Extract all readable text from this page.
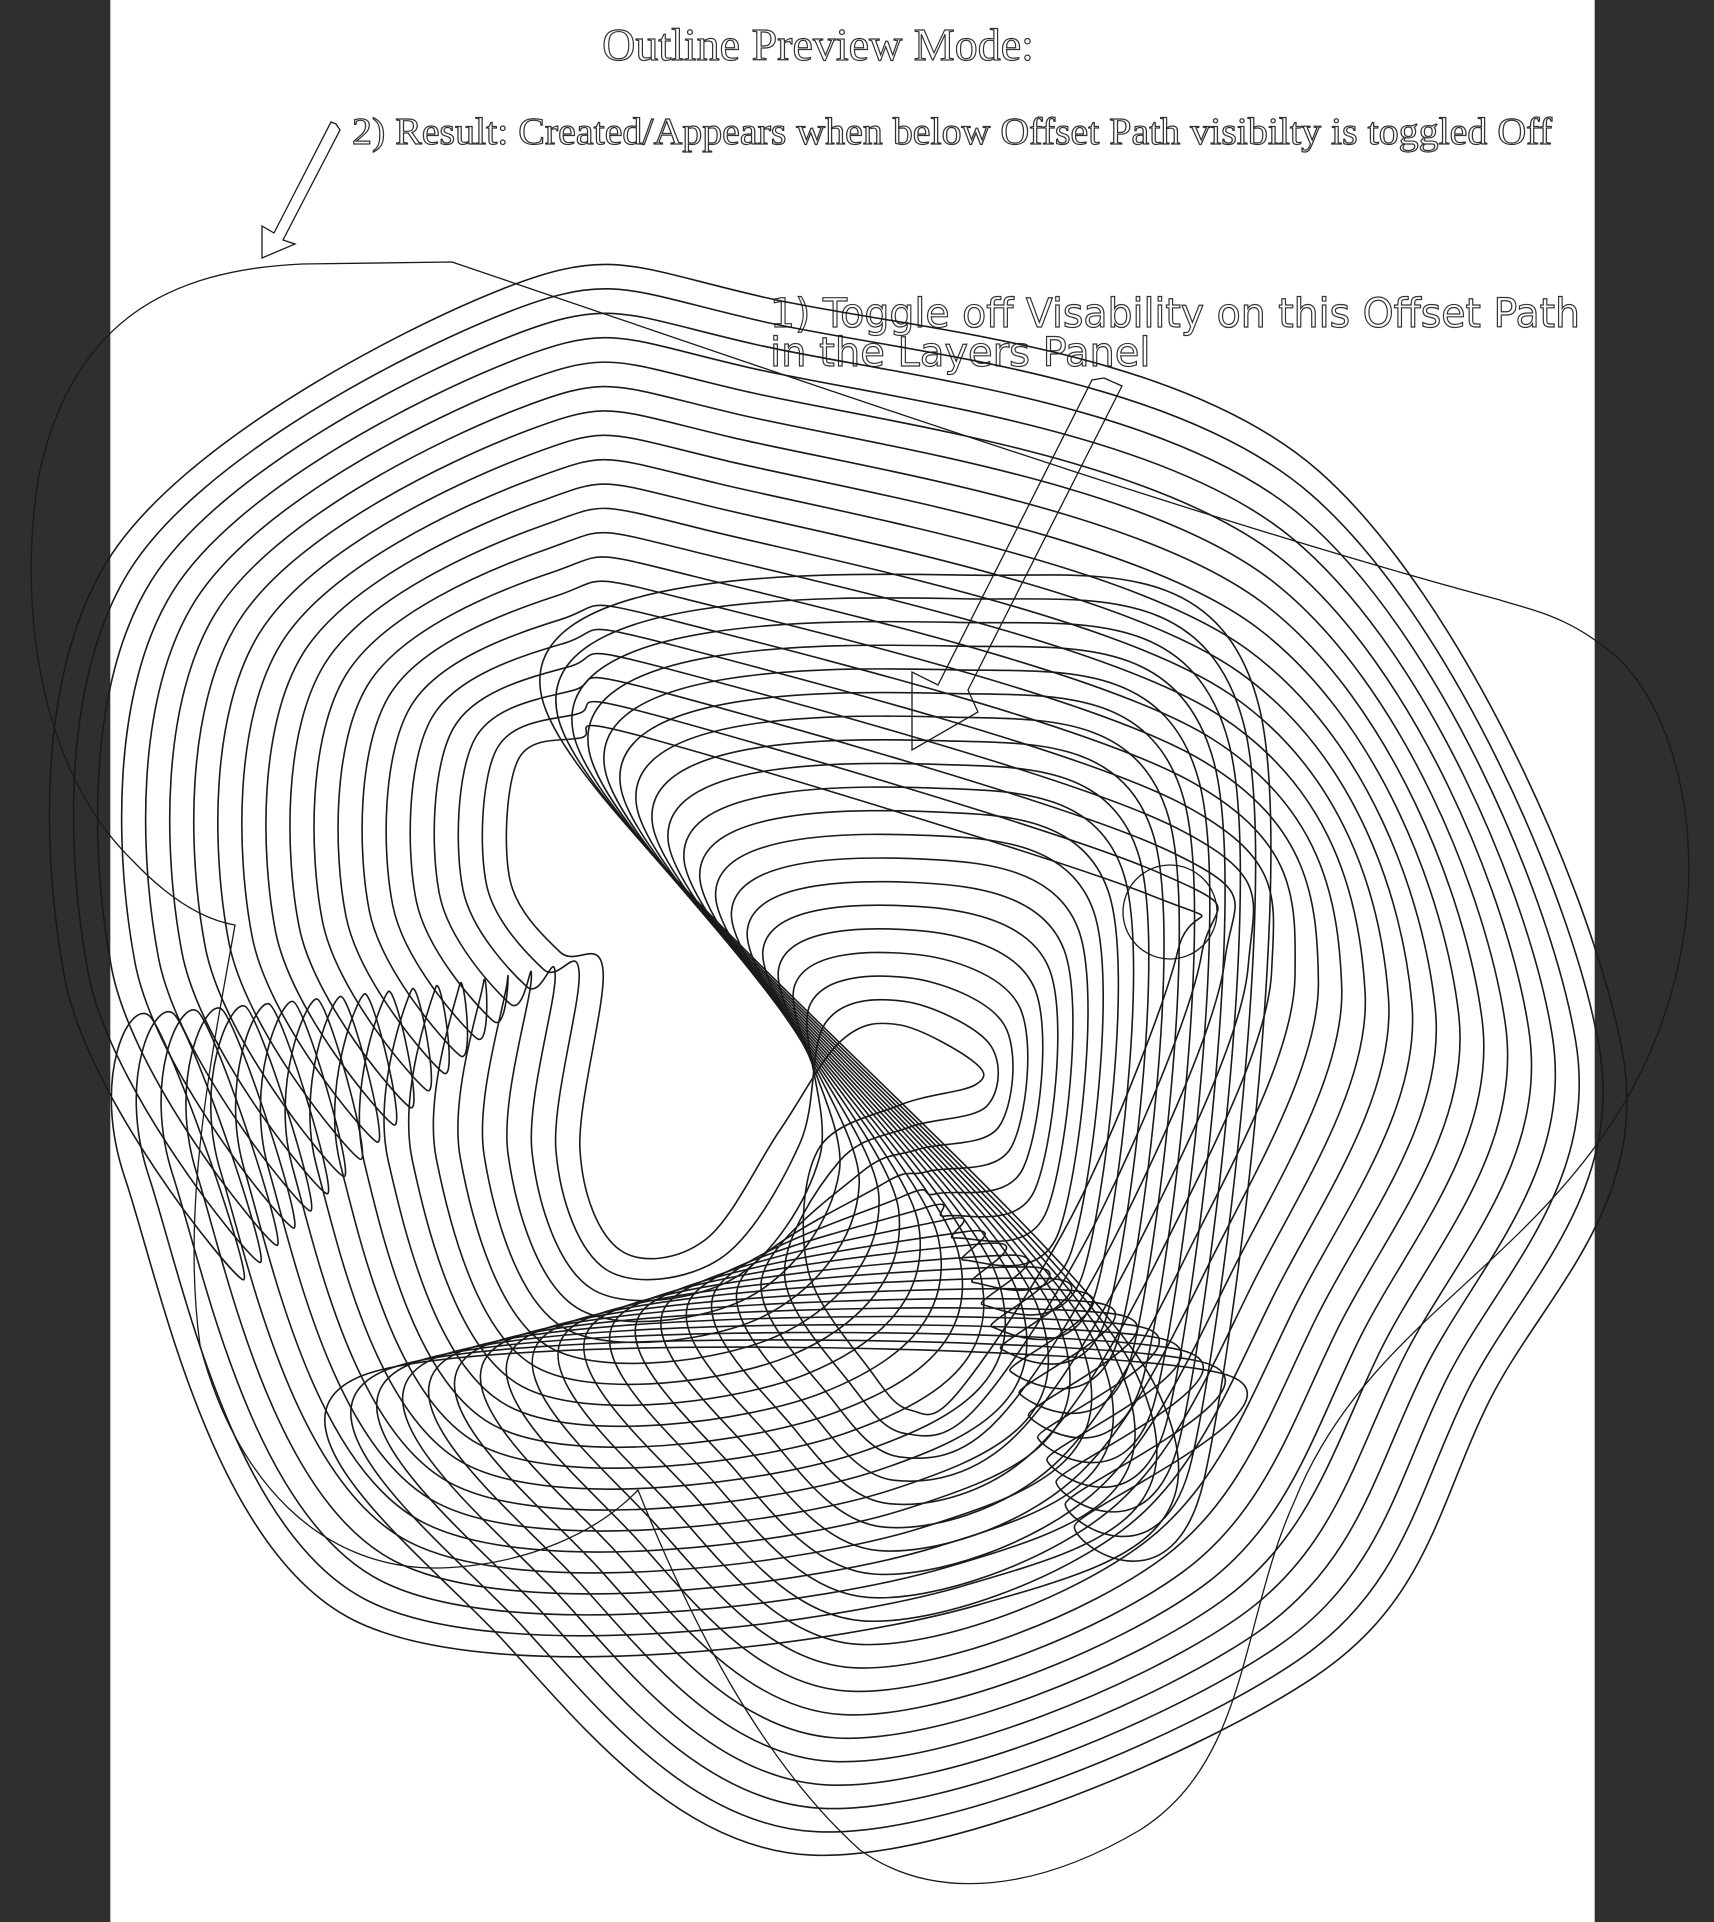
Outline Preview Mode:
2) Result: Created/Appears when below Offset Path visibilty is toggled Off
1) Toggle off Visability on this Offset Path
in the Layers Panel
